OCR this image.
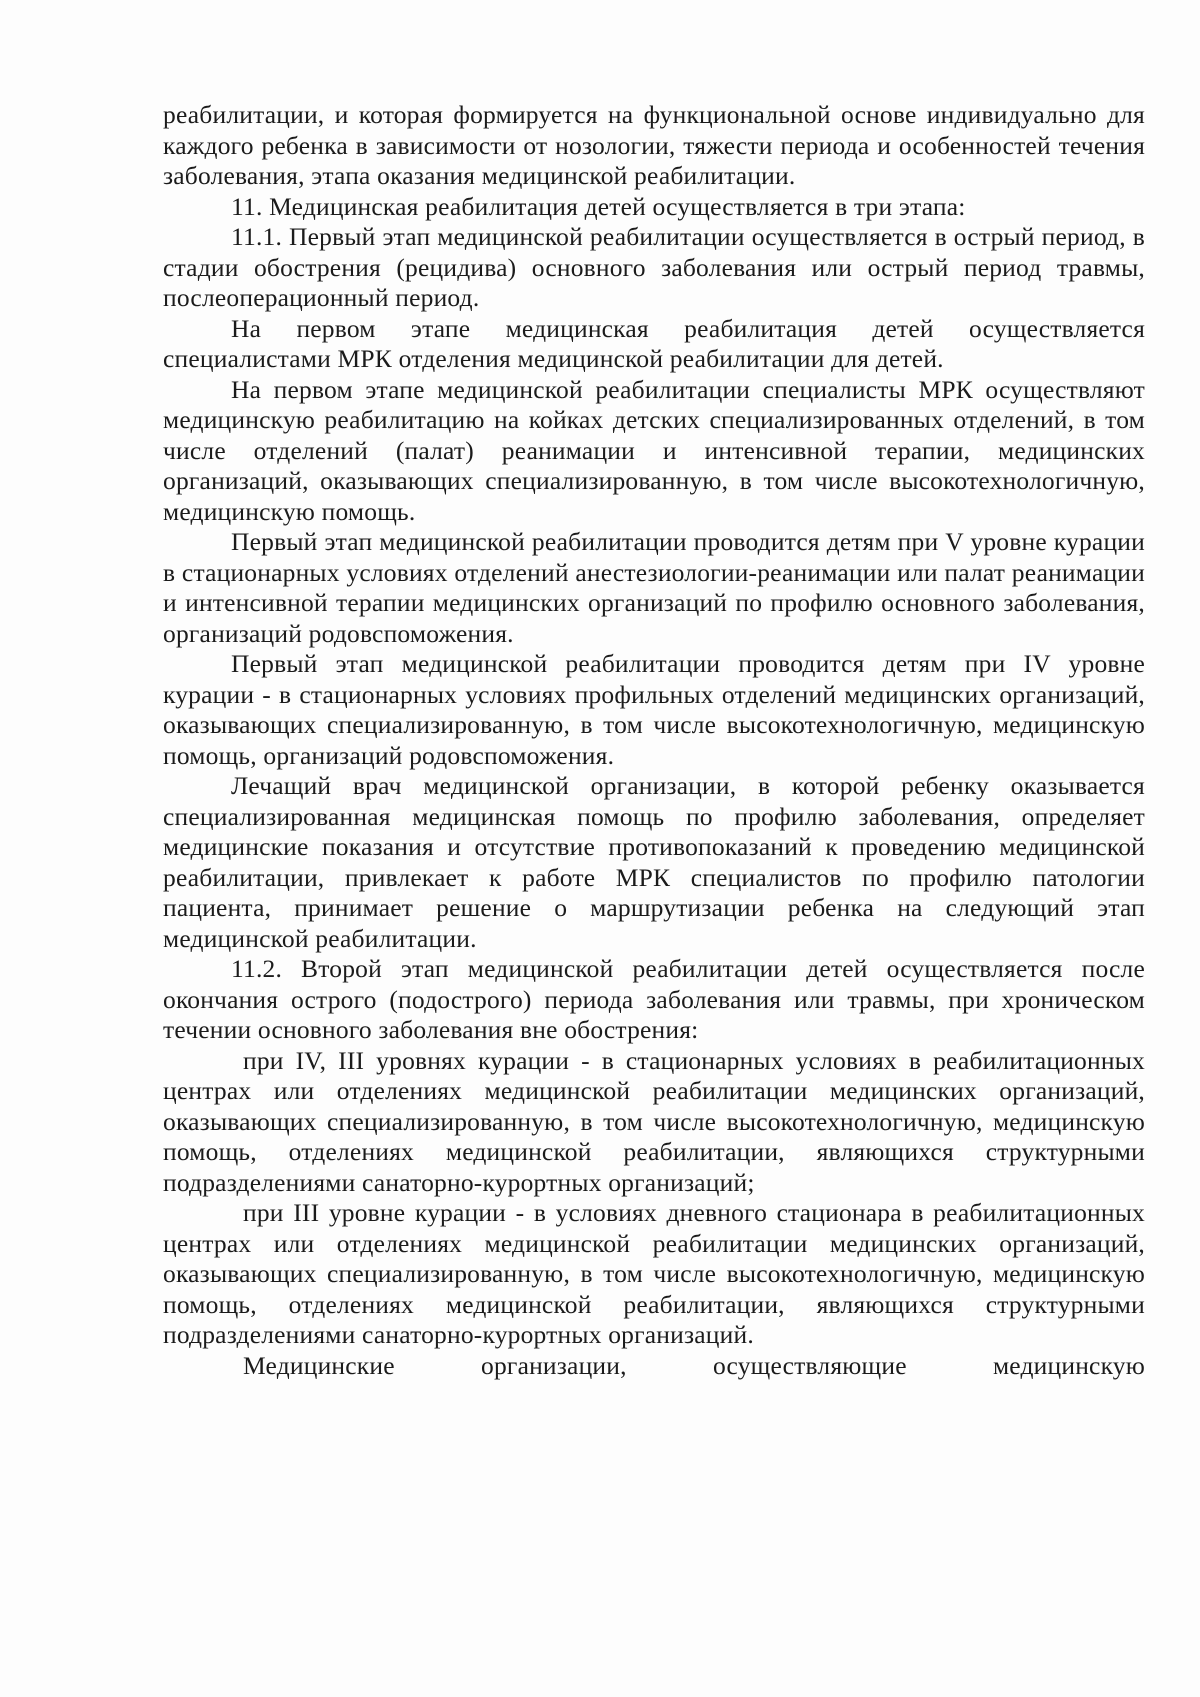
реабилитации, и которая формируется на функциональной основе индивидуально для каждого ребенка в зависимости от нозологии, тяжести периода и особенностей течения заболевания, этапа оказания медицинской реабилитации.

11. Медицинская реабилитация детей осуществляется в три этапа:

11.1. Первый этап медицинской реабилитации осуществляется в острый период, в стадии обострения (рецидива) основного заболевания или острый период травмы, послеоперационный период.

На первом этапе медицинская реабилитация детей осуществляется специалистами МРК отделения медицинской реабилитации для детей.

На первом этапе медицинской реабилитации специалисты МРК осуществляют медицинскую реабилитацию на койках детских специализированных отделений, в том числе отделений (палат) реанимации и интенсивной терапии, медицинских организаций, оказывающих специализированную, в том числе высокотехнологичную, медицинскую помощь.

Первый этап медицинской реабилитации проводится детям при V уровне курации в стационарных условиях отделений анестезиологии-реанимации или палат реанимации и интенсивной терапии медицинских организаций по профилю основного заболевания, организаций родовспоможения.

Первый этап медицинской реабилитации проводится детям при IV уровне курации - в стационарных условиях профильных отделений медицинских организаций, оказывающих специализированную, в том числе высокотехнологичную, медицинскую помощь, организаций родовспоможения.

Лечащий врач медицинской организации, в которой ребенку оказывается специализированная медицинская помощь по профилю заболевания, определяет медицинские показания и отсутствие противопоказаний к проведению медицинской реабилитации, привлекает к работе МРК специалистов по профилю патологии пациента, принимает решение о маршрутизации ребенка на следующий этап медицинской реабилитации.

11.2. Второй этап медицинской реабилитации детей осуществляется после окончания острого (подострого) периода заболевания или травмы, при хроническом течении основного заболевания вне обострения:

при IV, III уровнях курации - в стационарных условиях в реабилитационных центрах или отделениях медицинской реабилитации медицинских организаций, оказывающих специализированную, в том числе высокотехнологичную, медицинскую помощь, отделениях медицинской реабилитации, являющихся структурными подразделениями санаторно-курортных организаций;

при III уровне курации - в условиях дневного стационара в реабилитационных центрах или отделениях медицинской реабилитации медицинских организаций, оказывающих специализированную, в том числе высокотехнологичную, медицинскую помощь, отделениях медицинской реабилитации, являющихся структурными подразделениями санаторно-курортных организаций.

Медицинские организации, осуществляющие медицинскую
